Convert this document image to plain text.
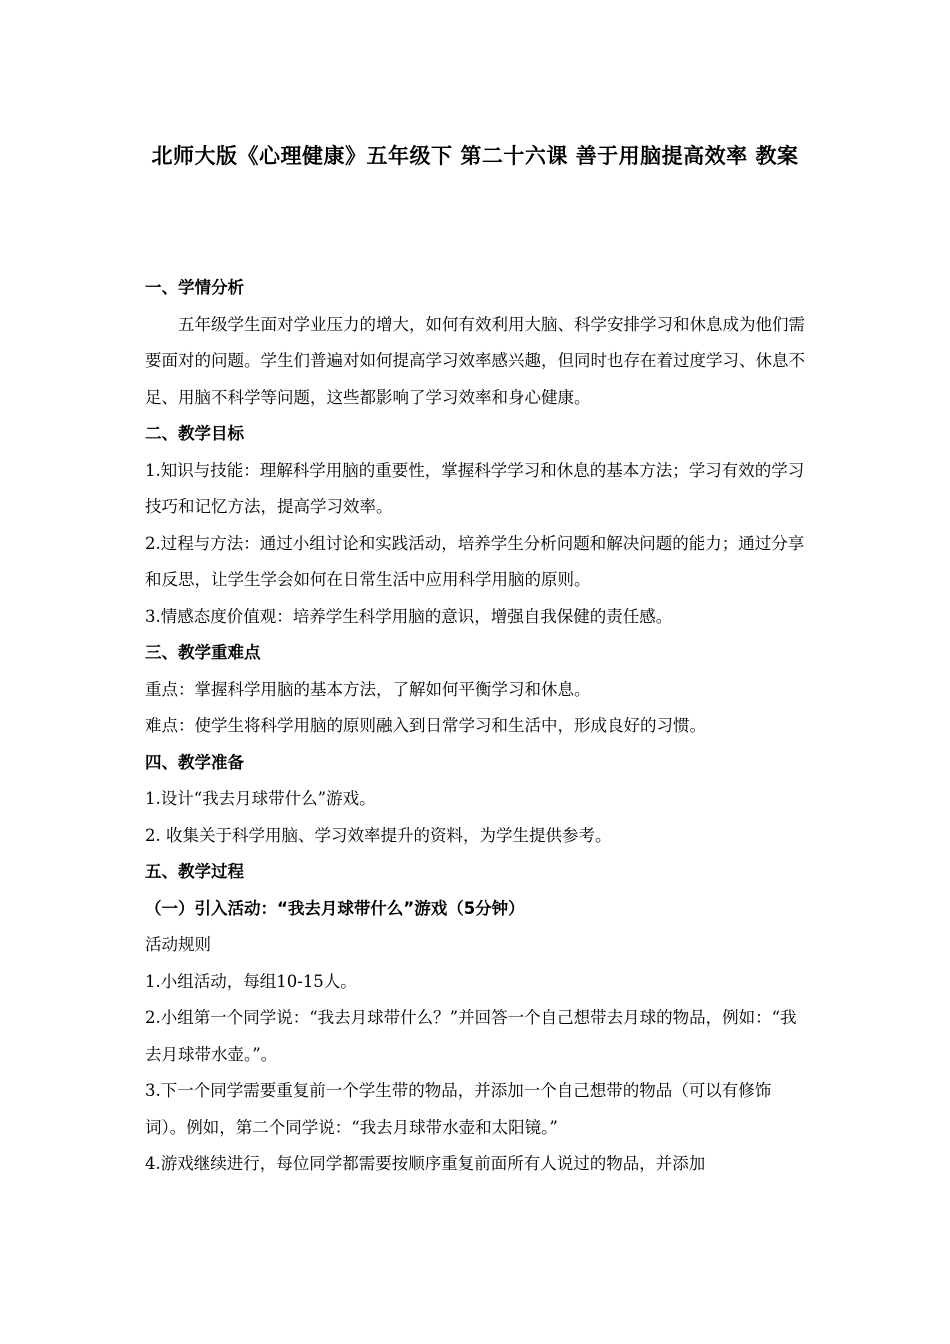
北师大版《心理健康》五年级下 第二十六课 善于用脑提高效率 教案

一、学情分析

五年级学生面对学业压力的增大，如何有效利用大脑、科学安排学习和休息成为他们需要面对的问题。学生们普遍对如何提高学习效率感兴趣，但同时也存在着过度学习、休息不足、用脑不科学等问题，这些都影响了学习效率和身心健康。

二、教学目标

1.知识与技能：理解科学用脑的重要性，掌握科学学习和休息的基本方法；学习有效的学习技巧和记忆方法，提高学习效率。

2.过程与方法：通过小组讨论和实践活动，培养学生分析问题和解决问题的能力；通过分享和反思，让学生学会如何在日常生活中应用科学用脑的原则。

3.情感态度价值观：培养学生科学用脑的意识，增强自我保健的责任感。

三、教学重难点

重点：掌握科学用脑的基本方法，了解如何平衡学习和休息。

难点：使学生将科学用脑的原则融入到日常学习和生活中，形成良好的习惯。

四、教学准备

1.设计“我去月球带什么”游戏。

2. 收集关于科学用脑、学习效率提升的资料，为学生提供参考。

五、教学过程

（一）引入活动：“我去月球带什么”游戏（5分钟）

活动规则

1.小组活动，每组10-15人。

2.小组第一个同学说：“我去月球带什么？”并回答一个自己想带去月球的物品，例如：“我去月球带水壶。”。

3.下一个同学需要重复前一个学生带的物品，并添加一个自己想带的物品（可以有修饰词）。例如，第二个同学说：“我去月球带水壶和太阳镜。”

4.游戏继续进行，每位同学都需要按顺序重复前面所有人说过的物品，并添加
